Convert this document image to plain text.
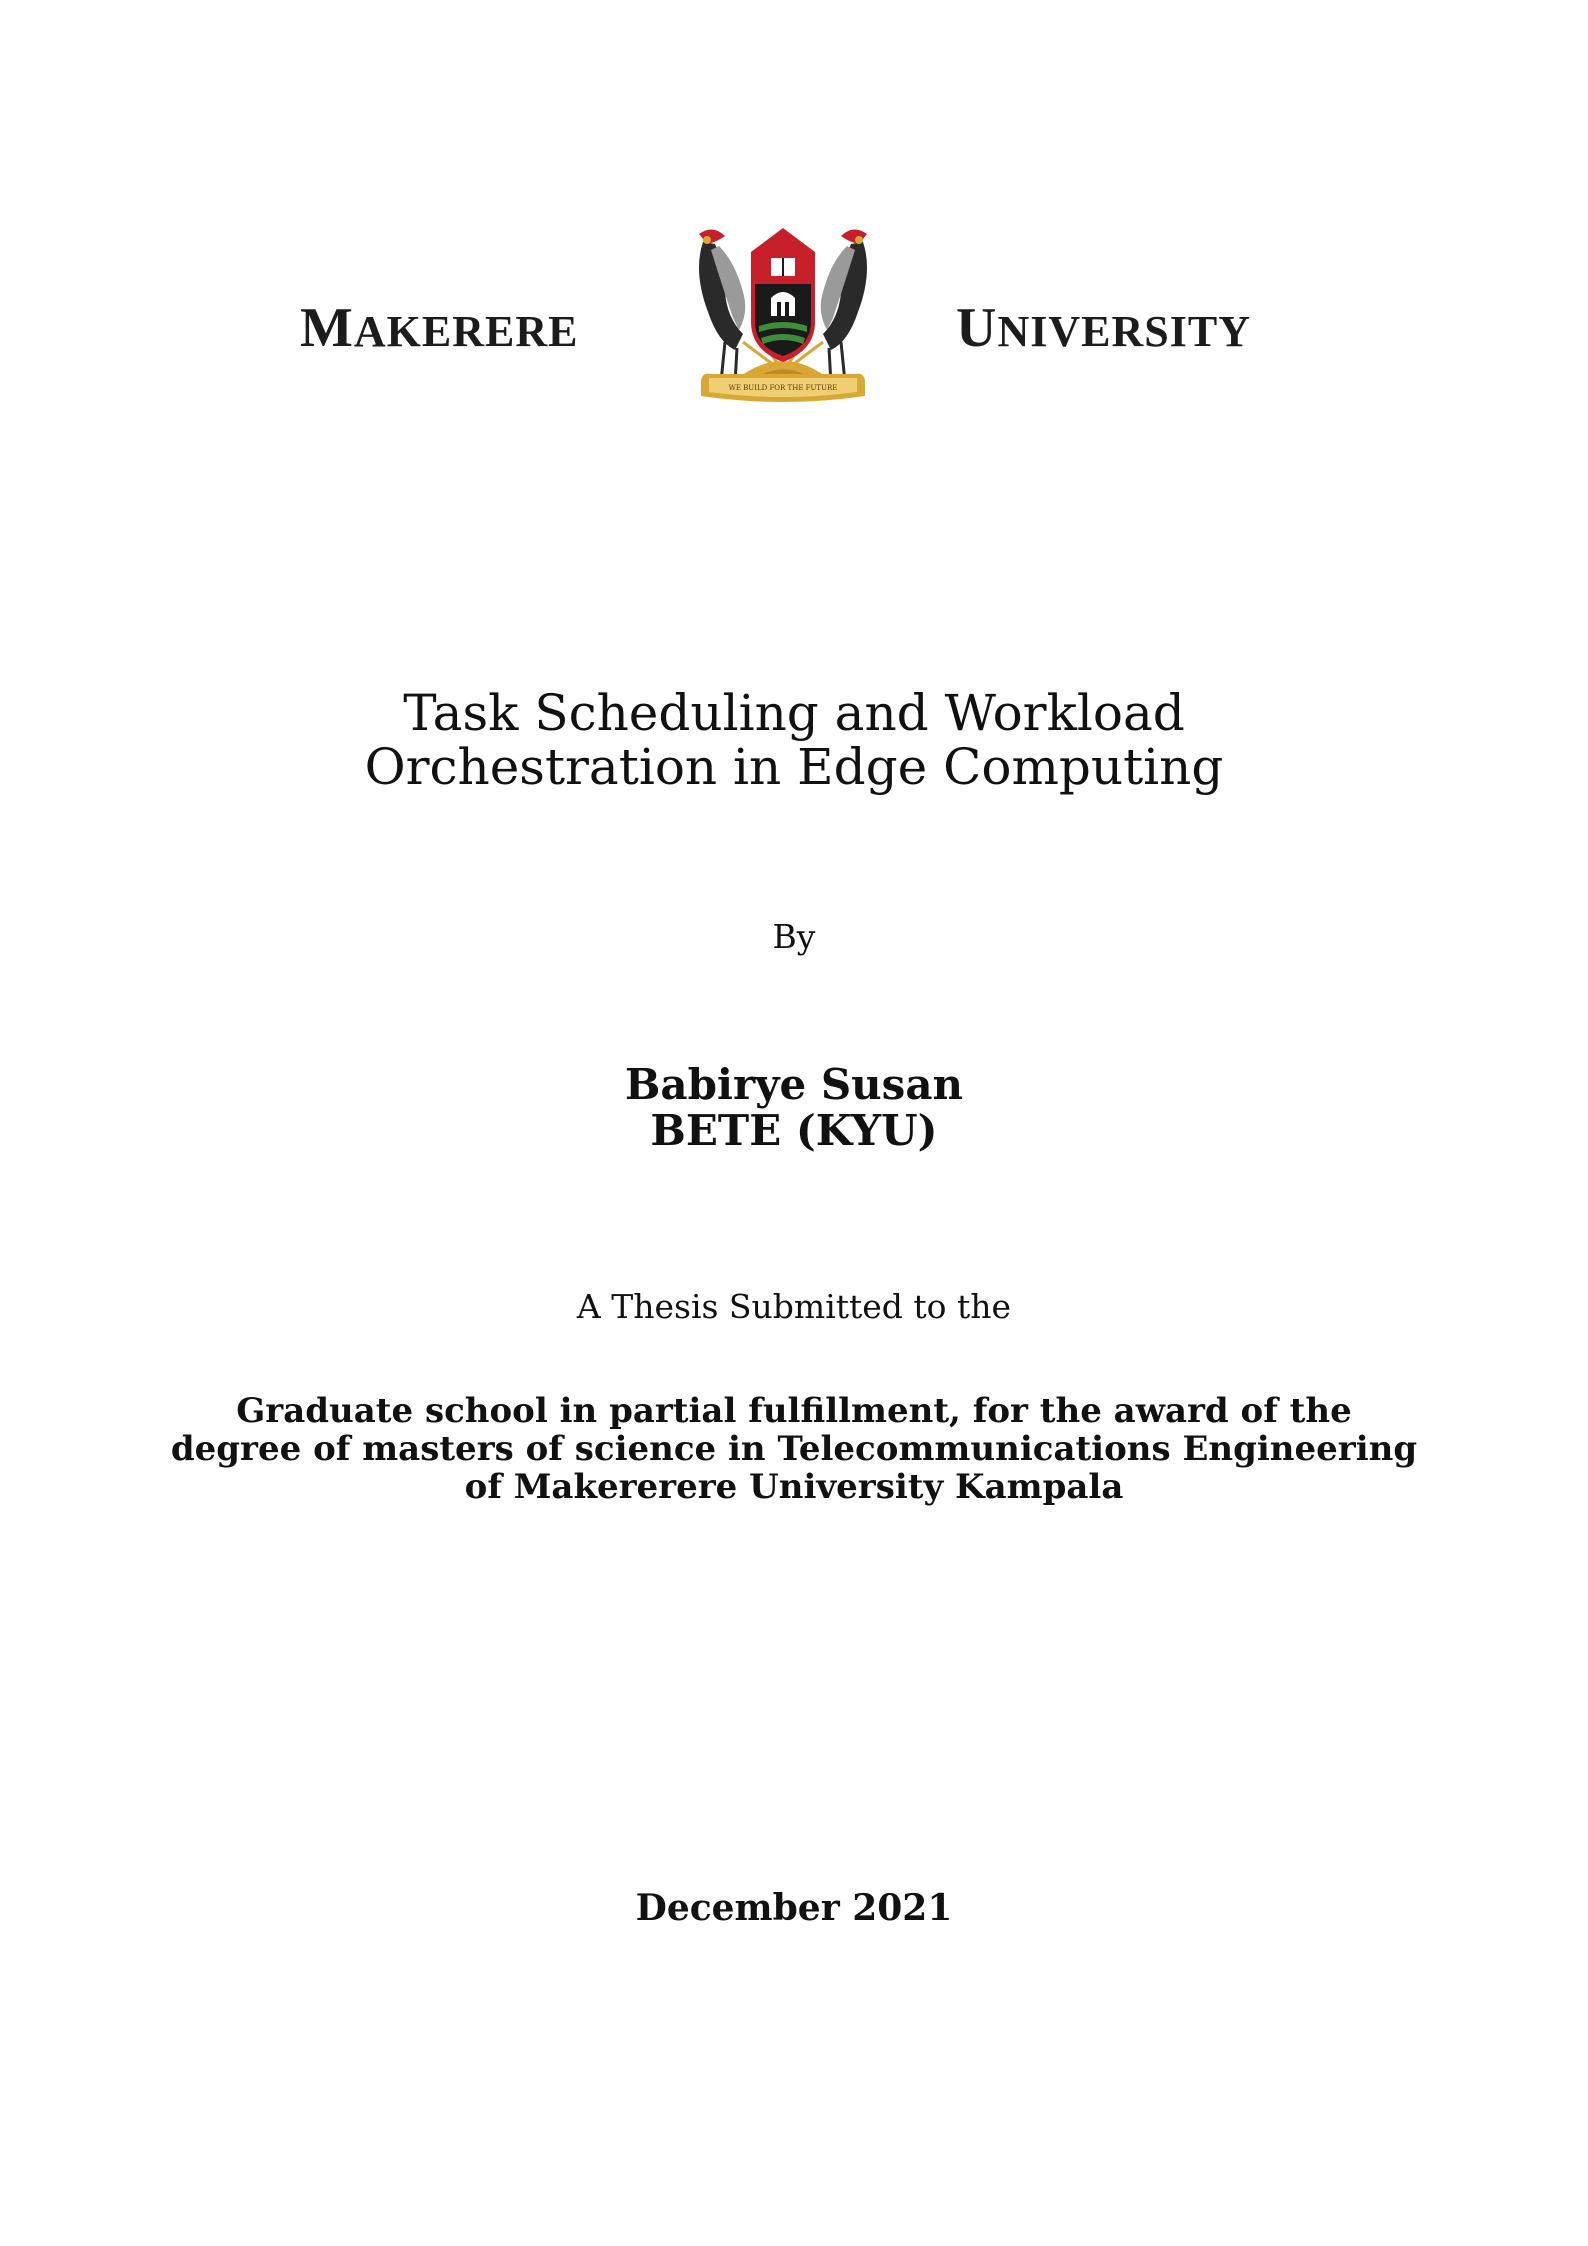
MAKERERE
WE BUILD FOR THE FUTURE
UNIVERSITY
Task Scheduling and Workload
Orchestration in Edge Computing
By
Babirye Susan
BETE (KYU)
A Thesis Submitted to the
Graduate school in partial fulfillment, for the award of the
degree of masters of science in Telecommunications Engineering
of Makererere University Kampala
December 2021
